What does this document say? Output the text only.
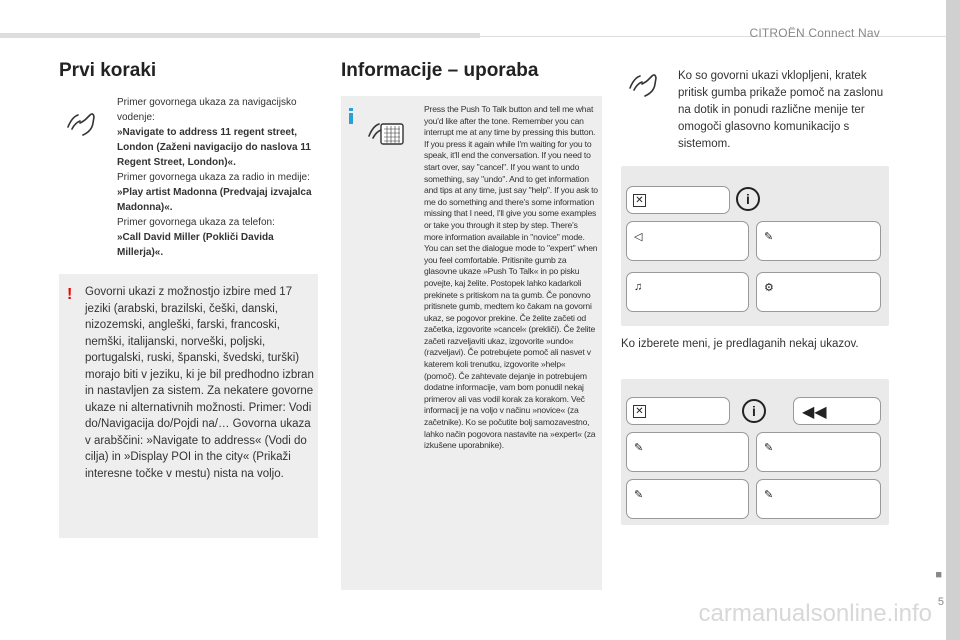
CITROËN Connect Nav
■
5
carmanualsonline.info
Prvi koraki
Primer govornega ukaza za navigacijsko vodenje:
»Navigate to address 11 regent street, London (Zaženi navigacijo do naslova 11 Regent Street, London)«.
Primer govornega ukaza za radio in medije:
»Play artist Madonna (Predvajaj izvajalca Madonna)«.
Primer govornega ukaza za telefon:
»Call David Miller (Pokliči Davida Millerja)«.
! Govorni ukazi z možnostjo izbire med 17 jeziki (arabski, brazilski, češki, danski, nizozemski, angleški, farski, francoski, nemški, italijanski, norveški, poljski, portugalski, ruski, španski, švedski, turški) morajo biti v jeziku, ki je bil predhodno izbran in nastavljen za sistem. Za nekatere govorne ukaze ni alternativnih možnosti. Primer: Vodi do/Navigacija do/Pojdi na/… Govorna ukaza v arabščini: »Navigate to address« (Vodi do cilja) in »Display POI in the city« (Prikaži interesne točke v mestu) nista na voljo.
Informacije – uporaba
Press the Push To Talk button and tell me what you'd like after the tone. Remember you can interrupt me at any time by pressing this button. If you press it again while I'm waiting for you to speak, it'll end the conversation. If you need to start over, say "cancel". If you want to undo something, say "undo". And to get information and tips at any time, just say "help". If you ask to me do something and there's some information missing that I need, I'll give you some examples or take you through it step by step. There's more information available in "novice" mode. You can set the dialogue mode to "expert" when you feel comfortable. Pritisnite gumb za glasovne ukaze »Push To Talk« in po pisku povejte, kaj želite. Postopek lahko kadarkoli prekinete s pritiskom na ta gumb. Če ponovno pritisnete gumb, medtem ko čakam na govorni ukaz, se pogovor prekine. Če želite začeti od začetka, izgovorite »cancel« (prekliči). Če želite začeti razveljaviti ukaz, izgovorite »undo« (razveljavi). Če potrebujete pomoč ali nasvet v katerem koli trenutku, izgovorite »help« (pomoč). Če zahtevate dejanje in potrebujem dodatne informacije, vam bom ponudil nekaj primerov ali vas vodil korak za korakom. Več informacij je na voljo v načinu »novice« (za začetnike). Ko se počutite bolj samozavestno, lahko način pogovora nastavite na »expert« (za izkušene uporabnike).
Ko so govorni ukazi vklopljeni, kratek pritisk gumba prikaže pomoč na zaslonu na dotik in ponudi različne menije ter omogoči glasovno komunikacijo s sistemom.
✕	i
◁	✎
♫	⚙
Ko izberete meni, je predlaganih nekaj ukazov.
✕	i	◀◀
✎	✎
✎	✎
